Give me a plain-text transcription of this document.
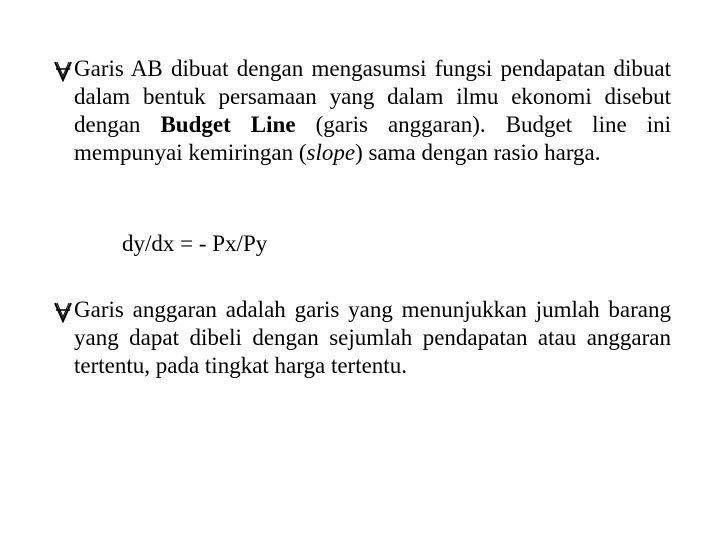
Garis AB dibuat dengan mengasumsi fungsi pendapatan dibuat dalam bentuk persamaan yang dalam ilmu ekonomi disebut dengan Budget Line (garis anggaran). Budget line ini mempunyai kemiringan (slope) sama dengan rasio harga.
dy/dx = - Px/Py
Garis anggaran adalah garis yang menunjukkan jumlah barang yang dapat dibeli dengan sejumlah pendapatan atau anggaran tertentu, pada tingkat harga tertentu.
